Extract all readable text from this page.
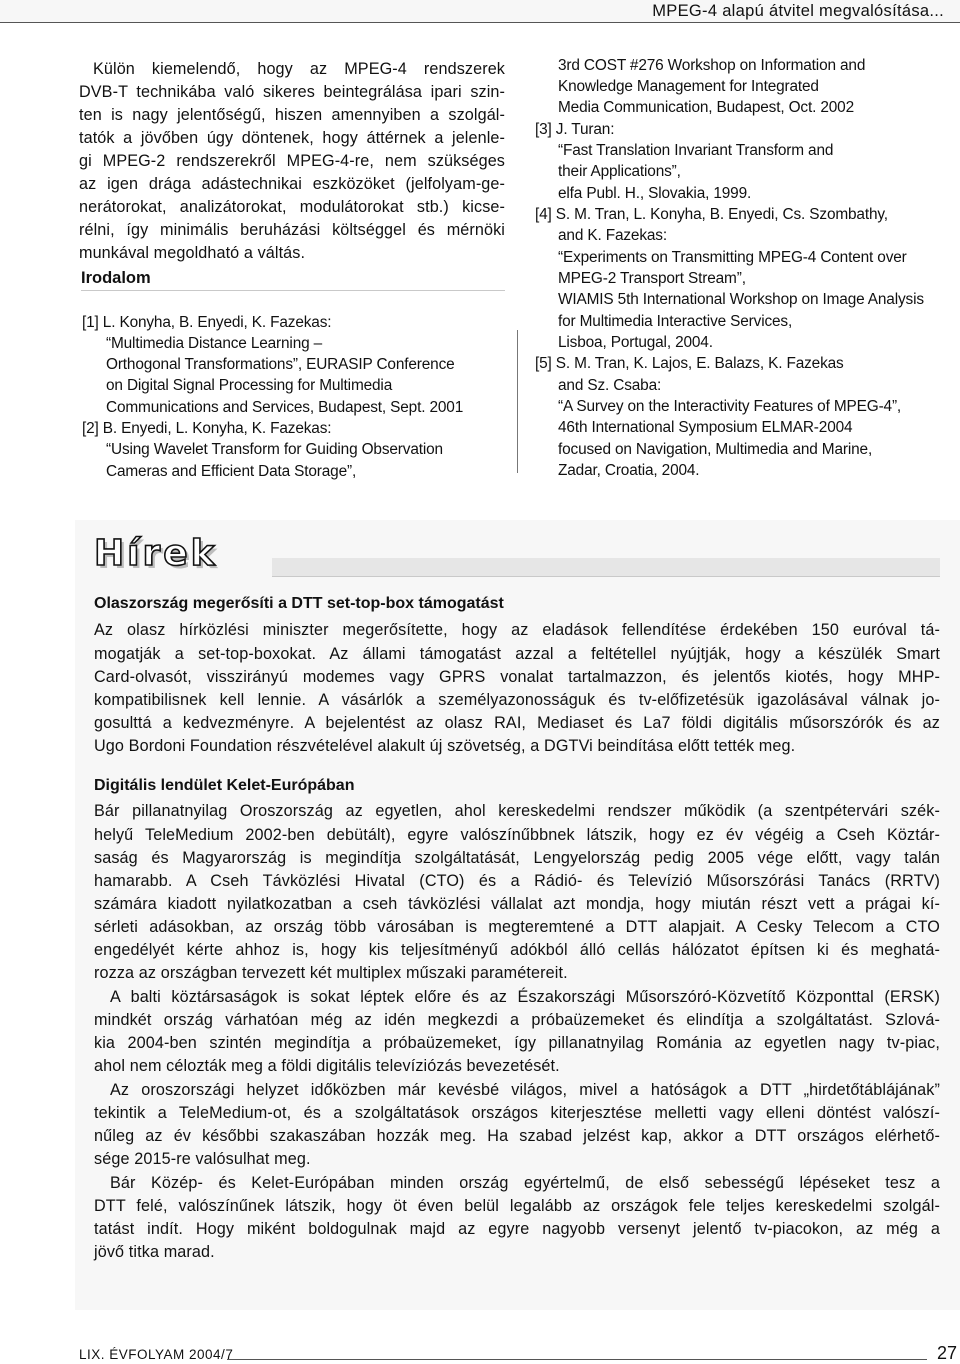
MPEG-4 alapú átvitel megvalósítása...
Külön kiemelendő, hogy az MPEG-4 rendszerek
DVB-T technikába való sikeres beintegrálása ipari szin-
ten is nagy jelentőségű, hiszen amennyiben a szolgál-
tatók a jövőben úgy döntenek, hogy áttérnek a jelenle-
gi MPEG-2 rendszerekről MPEG-4-re, nem szükséges
az igen drága adástechnikai eszközöket (jelfolyam-ge-
nerátorokat, analizátorokat, modulátorokat stb.) kicse-
rélni, így minimális beruházási költséggel és mérnöki
munkával megoldható a váltás.
Irodalom
[1] L. Konyha, B. Enyedi, K. Fazekas:
“Multimedia Distance Learning –
Orthogonal Transformations”, EURASIP Conference
on Digital Signal Processing for Multimedia
Communications and Services, Budapest, Sept. 2001
[2] B. Enyedi, L. Konyha, K. Fazekas:
“Using Wavelet Transform for Guiding Observation
Cameras and Efficient Data Storage”,
3rd COST #276 Workshop on Information and
Knowledge Management for Integrated
Media Communication, Budapest, Oct. 2002
[3] J. Turan:
“Fast Translation Invariant Transform and
their Applications”,
elfa Publ. H., Slovakia, 1999.
[4] S. M. Tran, L. Konyha, B. Enyedi, Cs. Szombathy,
and K. Fazekas:
“Experiments on Transmitting MPEG-4 Content over
MPEG-2 Transport Stream”,
WIAMIS 5th International Workshop on Image Analysis
for Multimedia Interactive Services,
Lisboa, Portugal, 2004.
[5] S. M. Tran, K. Lajos, E. Balazs, K. Fazekas
and Sz. Csaba:
“A Survey on the Interactivity Features of MPEG-4”,
46th International Symposium ELMAR-2004
focused on Navigation, Multimedia and Marine,
Zadar, Croatia, 2004.
Hírek
Olaszország megerősíti a DTT set-top-box támogatást
Az olasz hírközlési miniszter megerősítette, hogy az eladások fellendítése érdekében 150 euróval tá-
mogatják a set-top-boxokat. Az állami támogatást azzal a feltétellel nyújtják, hogy a készülék Smart
Card-olvasót, visszirányú modemes vagy GPRS vonalat tartalmazzon, és jelentős kiotés, hogy MHP-
kompatibilisnek kell lennie. A vásárlók a személyazonosságuk és tv-előfizetésük igazolásával válnak jo-
gosulttá a kedvezményre. A bejelentést az olasz RAI, Mediaset és La7 földi digitális műsorszórók és az
Ugo Bordoni Foundation részvételével alakult új szövetség, a DGTVi beindítása előtt tették meg.
Digitális lendület Kelet-Európában
Bár pillanatnyilag Oroszország az egyetlen, ahol kereskedelmi rendszer működik (a szentpétervári szék-
helyű TeleMedium 2002-ben debütált), egyre valószínűbbnek látszik, hogy ez év végéig a Cseh Köztár-
saság és Magyarország is megindítja szolgáltatását, Lengyelország pedig 2005 vége előtt, vagy talán
hamarabb. A Cseh Távközlési Hivatal (CTO) és a Rádió- és Televízió Műsorszórási Tanács (RRTV)
számára kiadott nyilatkozatban a cseh távközlési vállalat azt mondja, hogy miután részt vett a prágai kí-
sérleti adásokban, az ország több városában is megteremtené a DTT alapjait. A Cesky Telecom a CTO
engedélyét kérte ahhoz is, hogy kis teljesítményű adókból álló cellás hálózatot építsen ki és meghatá-
rozza az országban tervezett két multiplex műszaki paramétereit.
A balti köztársaságok is sokat léptek előre és az Északországi Műsorszóró-Közvetítő Központtal (ERSK)
mindkét ország várhatóan még az idén megkezdi a próbaüzemeket és elindítja a szolgáltatást. Szlová-
kia 2004-ben szintén megindítja a próbaüzemeket, így pillanatnyilag Románia az egyetlen nagy tv-piac,
ahol nem célozták meg a földi digitális televíziózás bevezetését.
Az oroszországi helyzet időközben már kevésbé világos, mivel a hatóságok a DTT „hirdetőtáblájának”
tekintik a TeleMedium-ot, és a szolgáltatások országos kiterjesztése melletti vagy elleni döntést valószí-
nűleg az év későbbi szakaszában hozzák meg. Ha szabad jelzést kap, akkor a DTT országos elérhető-
sége 2015-re valósulhat meg.
Bár Közép- és Kelet-Európában minden ország egyértelmű, de első sebességű lépéseket tesz a
DTT felé, valószínűnek látszik, hogy öt éven belül legalább az országok fele teljes kereskedelmi szolgál-
tatást indít. Hogy miként boldogulnak majd az egyre nagyobb versenyt jelentő tv-piacokon, az még a
jövő titka marad.
LIX. ÉVFOLYAM 2004/7	27
